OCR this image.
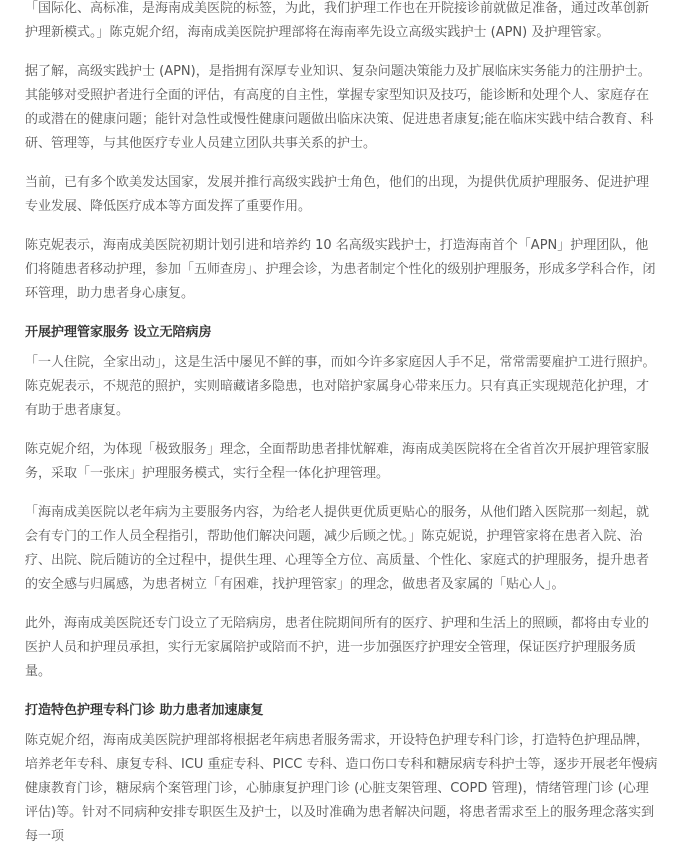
「国际化、高标准，是海南成美医院的标签，为此，我们护理工作也在开院接诊前就做足准备，通过改革创新护理新模式。」陈克妮介绍，海南成美医院护理部将在海南率先设立高级实践护士 (APN) 及护理管家。

据了解，高级实践护士 (APN)，是指拥有深厚专业知识、复杂问题决策能力及扩展临床实务能力的注册护士。其能够对受照护者进行全面的评估，有高度的自主性，掌握专家型知识及技巧，能诊断和处理个人、家庭存在的或潜在的健康问题；能针对急性或慢性健康问题做出临床决策、促进患者康复;能在临床实践中结合教育、科研、管理等，与其他医疗专业人员建立团队共事关系的护士。

当前，已有多个欧美发达国家，发展并推行高级实践护士角色，他们的出现，为提供优质护理服务、促进护理专业发展、降低医疗成本等方面发挥了重要作用。

陈克妮表示，海南成美医院初期计划引进和培养约 10 名高级实践护士，打造海南首个「APN」护理团队，他们将随患者移动护理，参加「五师查房」、护理会诊，为患者制定个性化的级别护理服务，形成多学科合作，闭环管理，助力患者身心康复。

开展护理管家服务 设立无陪病房

「一人住院，全家出动」，这是生活中屡见不鲜的事，而如今许多家庭因人手不足，常常需要雇护工进行照护。陈克妮表示，不规范的照护，实则暗藏诸多隐患，也对陪护家属身心带来压力。只有真正实现规范化护理，才有助于患者康复。

陈克妮介绍，为体现「极致服务」理念，全面帮助患者排忧解难，海南成美医院将在全省首次开展护理管家服务，采取「一张床」护理服务模式，实行全程一体化护理管理。

「海南成美医院以老年病为主要服务内容，为给老人提供更优质更贴心的服务，从他们踏入医院那一刻起，就会有专门的工作人员全程指引，帮助他们解决问题，减少后顾之忧。」陈克妮说，护理管家将在患者入院、治疗、出院、院后随访的全过程中，提供生理、心理等全方位、高质量、个性化、家庭式的护理服务，提升患者的安全感与归属感，为患者树立「有困难，找护理管家」的理念，做患者及家属的「贴心人」。

此外，海南成美医院还专门设立了无陪病房，患者住院期间所有的医疗、护理和生活上的照顾，都将由专业的医护人员和护理员承担，实行无家属陪护或陪而不护，进一步加强医疗护理安全管理，保证医疗护理服务质量。

打造特色护理专科门诊 助力患者加速康复

陈克妮介绍，海南成美医院护理部将根据老年病患者服务需求，开设特色护理专科门诊，打造特色护理品牌，培养老年专科、康复专科、ICU 重症专科、PICC 专科、造口伤口专科和糖尿病专科护士等，逐步开展老年慢病健康教育门诊，糖尿病个案管理门诊，心肺康复护理门诊 (心脏支架管理、COPD 管理)，情绪管理门诊 (心理评估)等。针对不同病种安排专职医生及护士，以及时准确为患者解决问题，将患者需求至上的服务理念落实到每一项
